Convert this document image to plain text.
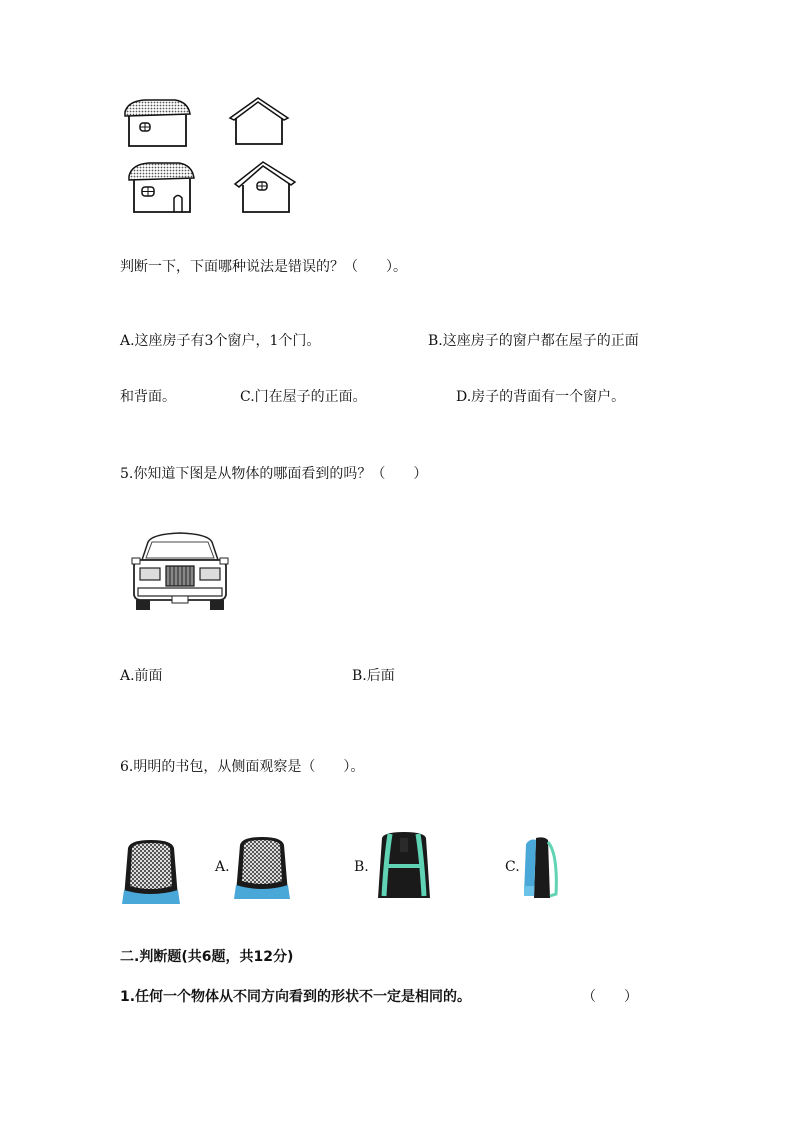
判断一下，下面哪种说法是错误的？（　　）。
A.这座房子有3个窗户，1个门。	B.这座房子的窗户都在屋子的正面
和背面。	C.门在屋子的正面。	D.房子的背面有一个窗户。
5.你知道下图是从物体的哪面看到的吗？（　　）
A.前面	B.后面
6.明明的书包，从侧面观察是（　　）。
A.	B.	C.
二.判断题(共6题，共12分)
1.任何一个物体从不同方向看到的形状不一定是相同的。	（　　）
